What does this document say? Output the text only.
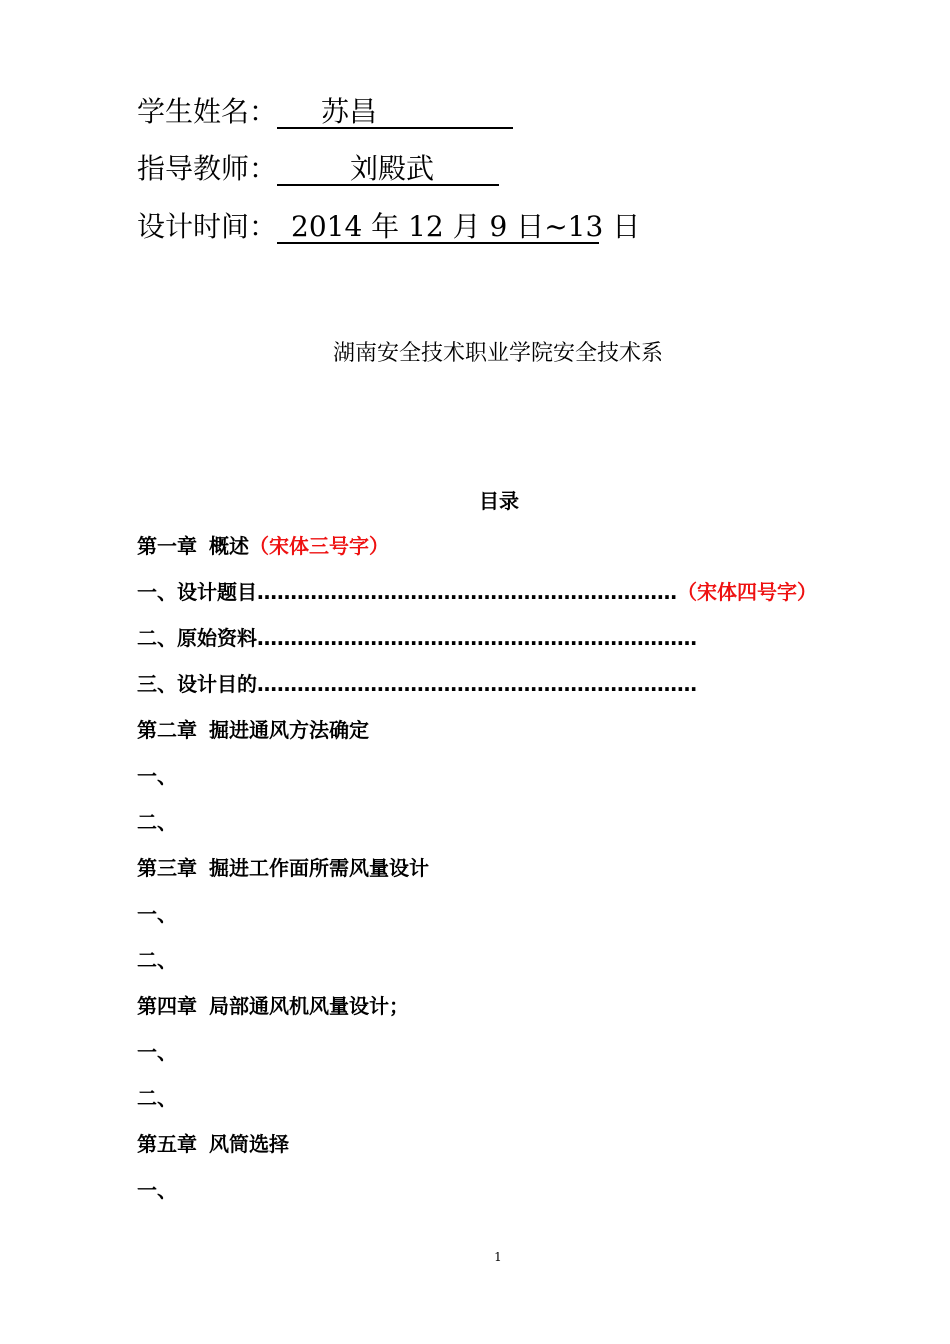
学生姓名： 苏昌
指导教师：	刘殿武
设计时间： 2014 年 12 月 9 日~13 日
湖南安全技术职业学院安全技术系
目录
第一章 概述（宋体三号字）
一、设计题目………………………………………………………（宋体四号字）
二、原始资料…………………………………………………………
三、设计目的…………………………………………………………
第二章 掘进通风方法确定
一、
二、
第三章 掘进工作面所需风量设计
一、
二、
第四章 局部通风机风量设计；
一、
二、
第五章 风筒选择
一、
1
